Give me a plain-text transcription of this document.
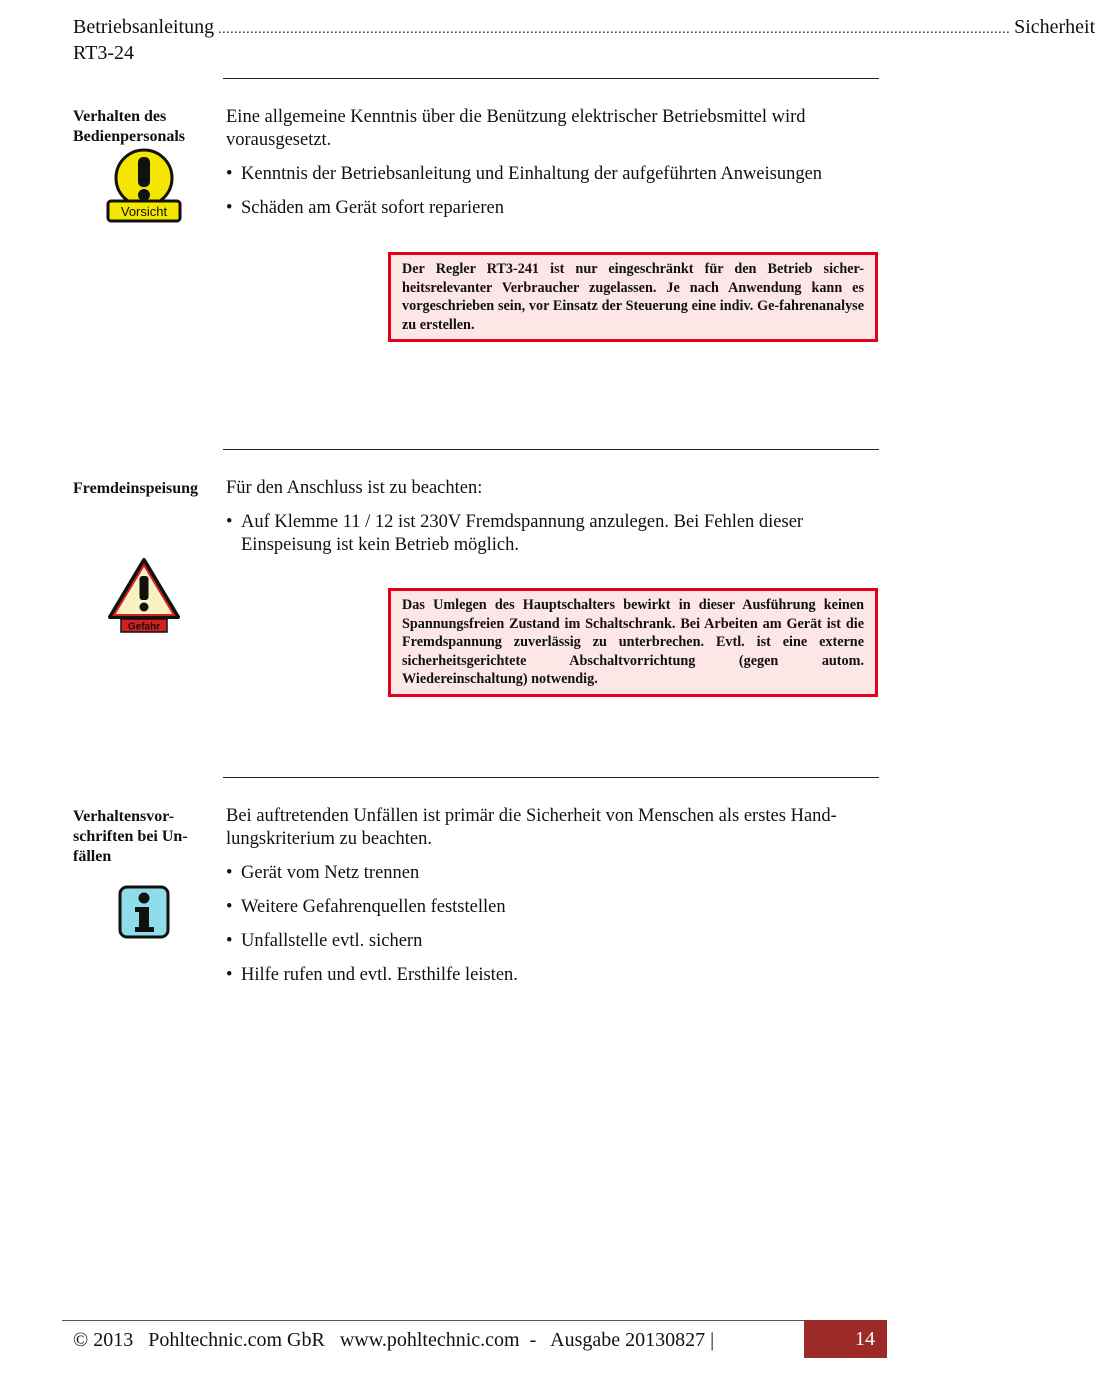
Betriebsanleitung RT3-24
...................................................................................................................................................................................................... Sicherheit
Verhalten des Bedienpersonals
Vorsicht

Eine allgemeine Kenntnis über die Benützung elektrischer Betriebsmittel wird vorausgesetzt.

• Kenntnis der Betriebsanleitung und Einhaltung der aufgeführten Anweisungen
• Schäden am Gerät sofort reparieren
Der Regler RT3-241 ist nur eingeschränkt für den Betrieb sicher-heitsrelevanter Verbraucher zugelassen. Je nach Anwendung kann es vorgeschrieben sein, vor Einsatz der Steuerung eine indiv. Ge-fahrenanalyse zu erstellen.
Fremdeinspeisung
Gefahr

Für den Anschluss ist zu beachten:

• Auf Klemme 11 / 12 ist 230V Fremdspannung anzulegen. Bei Fehlen dieser Einspeisung ist kein Betrieb möglich.
Das Umlegen des Hauptschalters bewirkt in dieser Ausführung keinen Spannungsfreien Zustand im Schaltschrank. Bei Arbeiten am Gerät ist die Fremdspannung zuverlässig zu unterbrechen. Evtl. ist eine externe sicherheitsgerichtete Abschaltvorrichtung (gegen autom. Wiedereinschaltung) notwendig.
Verhaltensvor-schriften bei Un-fällen

Bei auftretenden Unfällen ist primär die Sicherheit von Menschen als erstes Hand-lungskriterium zu beachten.

• Gerät vom Netz trennen
• Weitere Gefahrenquellen feststellen
• Unfallstelle evtl. sichern
• Hilfe rufen und evtl. Ersthilfe leisten.
© 2013   Pohltechnic.com GbR   www.pohltechnic.com  -   Ausgabe 20130827 |	14
